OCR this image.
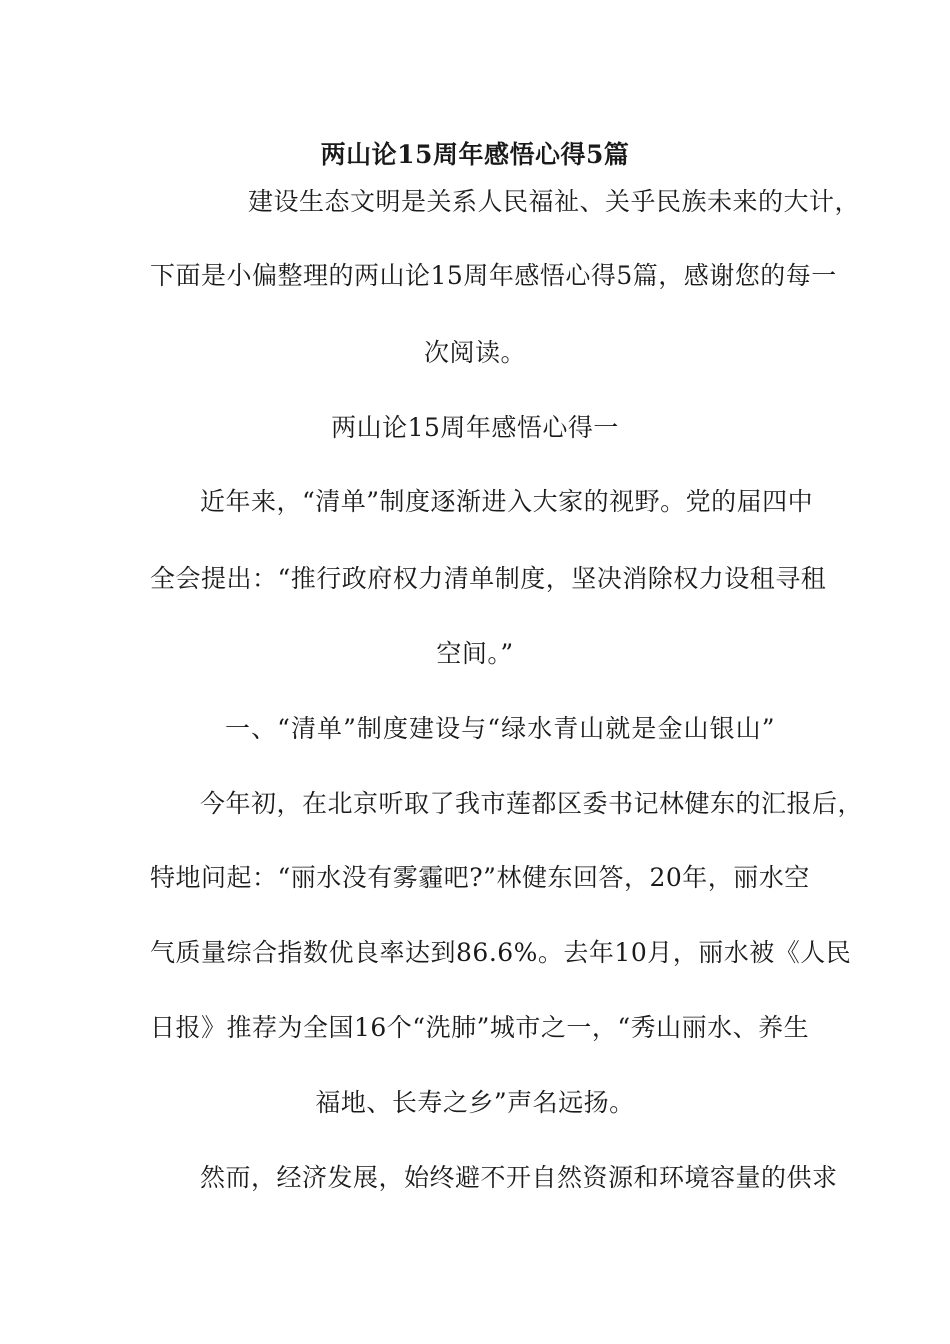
两山论15周年感悟心得5篇
建设生态文明是关系人民福祉、关乎民族未来的大计，
下面是小偏整理的两山论15周年感悟心得5篇，感谢您的每一
次阅读。
两山论15周年感悟心得一
近年来，“清单”制度逐渐进入大家的视野。党的届四中
全会提出：“推行政府权力清单制度，坚决消除权力设租寻租
空间。”
一、“清单”制度建设与“绿水青山就是金山银山”
今年初，在北京听取了我市莲都区委书记林健东的汇报后，
特地问起：“丽水没有雾霾吧?”林健东回答，20年，丽水空
气质量综合指数优良率达到86.6%。去年10月，丽水被《人民
日报》推荐为全国16个“洗肺”城市之一，“秀山丽水、养生
福地、长寿之乡”声名远扬。
然而，经济发展，始终避不开自然资源和环境容量的供求
